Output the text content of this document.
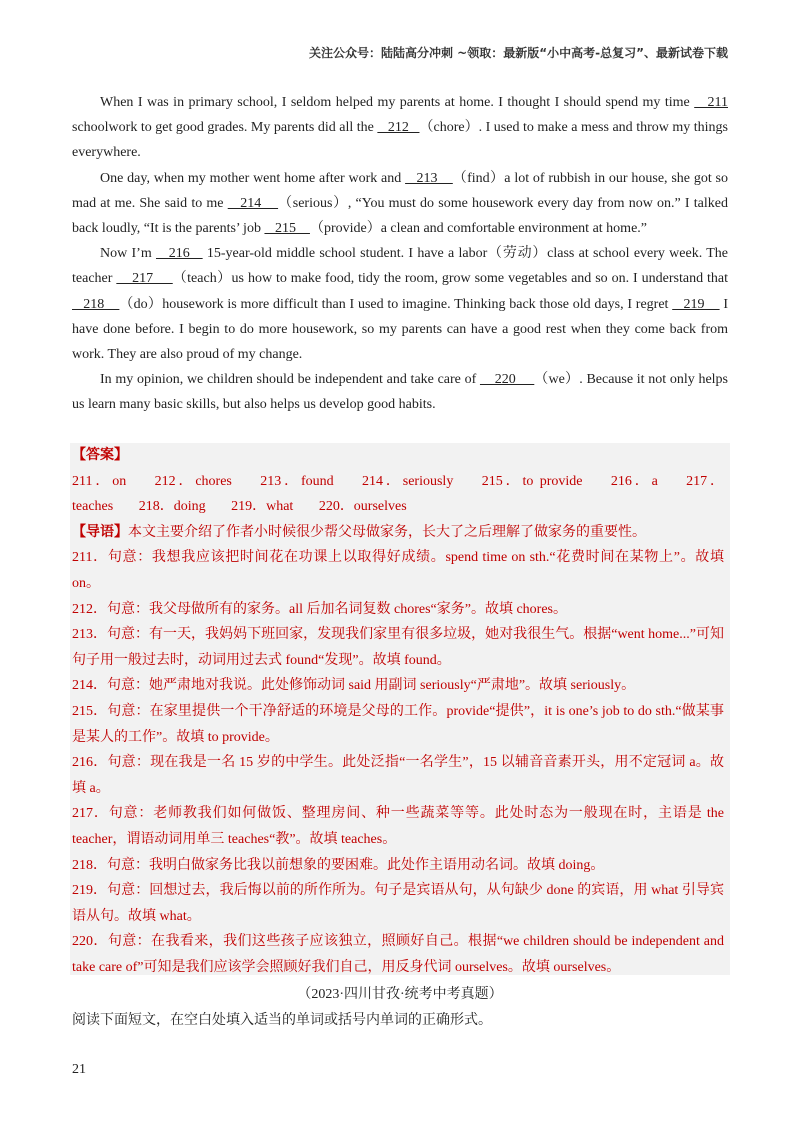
关注公众号：陆陆高分冲刺 ~领取：最新版“小中高考-总复习”、最新试卷下载

When I was in primary school, I seldom helped my parents at home. I thought I should spend my time    211 schoolwork to get good grades. My parents did all the    212   （chore）. I used to make a mess and throw my things everywhere.

One day, when my mother went home after work and    213    （find）a lot of rubbish in our house, she got so mad at me. She said to me    214    （serious）, “You must do some housework every day from now on.” I talked back loudly, “It is the parents’ job    215    （provide）a clean and comfortable environment at home.”

Now I’m    216    15-year-old middle school student. I have a labor（劳动）class at school every week. The teacher     217     （teach）us how to make food, tidy the room, grow some vegetables and so on. I understand that    218    （do）housework is more difficult than I used to imagine. Thinking back those old days, I regret    219     I have done before. I begin to do more housework, so my parents can have a good rest when they come back from work. They are also proud of my change.

In my opinion, we children should be independent and take care of     220     （we）. Because it not only helps us learn many basic skills, but also helps us develop good habits.

【答案】

211．on 212．chores 213．found 214．seriously 215．to provide 216．a 217．teaches 218．doing 219．what 220．ourselves

【导语】本文主要介绍了作者小时候很少帮父母做家务，长大了之后理解了做家务的重要性。

211．句意：我想我应该把时间花在功课上以取得好成绩。spend time on sth.“花费时间在某物上”。故填on。

212．句意：我父母做所有的家务。all 后加名词复数 chores“家务”。故填 chores。

213．句意：有一天，我妈妈下班回家，发现我们家里有很多垃圾，她对我很生气。根据“went home...”可知句子用一般过去时，动词用过去式 found“发现”。故填 found。

214．句意：她严肃地对我说。此处修饰动词 said 用副词 seriously“严肃地”。故填 seriously。

215．句意：在家里提供一个干净舒适的环境是父母的工作。provide“提供”，it is one’s job to do sth.“做某事是某人的工作”。故填 to provide。

216．句意：现在我是一名 15 岁的中学生。此处泛指“一名学生”，15 以辅音音素开头，用不定冠词 a。故填 a。

217．句意：老师教我们如何做饭、整理房间、种一些蔬菜等等。此处时态为一般现在时，主语是 the teacher，谓语动词用单三 teaches“教”。故填 teaches。

218．句意：我明白做家务比我以前想象的要困难。此处作主语用动名词。故填 doing。

219．句意：回想过去，我后悔以前的所作所为。句子是宾语从句，从句缺少 done 的宾语，用 what 引导宾语从句。故填 what。

220．句意：在我看来，我们这些孩子应该独立，照顾好自己。根据“we children should be independent and take care of”可知是我们应该学会照顾好我们自己，用反身代词 ourselves。故填 ourselves。

（2023·四川甘孜·统考中考真题）
阅读下面短文，在空白处填入适当的单词或括号内单词的正确形式。
21
